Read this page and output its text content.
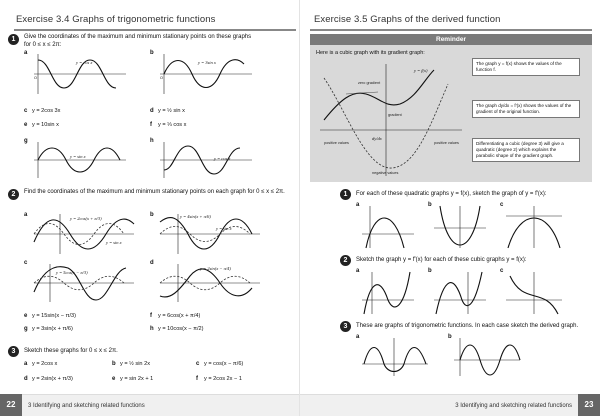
Exercise 3.4 Graphs of trigonometric functions
1	Give the coordinates of the maximum and minimum stationary points on these graphs for 0 ≤ x ≤ 2π:
a
y = cos x
O
b
y = 3sin x
O
c y = 2cos 3x	d y = ½ sin x
e y = 10sin x	f y = ⅓ cos x
g
y = sin x
h
y = cos x
2	Find the coordinates of the maximum and minimum stationary points on each graph for 0 ≤ x ≤ 2π.
a
y = 2cos(x + π/3)
y = sin x
b	y = 4sin(x + π/6)
y = sin x
c
y = 5cos(x − π/3)
d
y = 2sin(x − π/4)
e y = 15sin(x − π/3)	f y = 6cos(x + π/4)
g y = 3sin(x + π/6)	h y = 10cos(x − π/2)
3	Sketch these graphs for 0 ≤ x ≤ 2π.
a y = 2cos x	b y = ½ sin 2x	c y = cos(x − π/6)
d y = 2sin(x + π/3)	e y = sin 2x + 1	f y = 2cos 2x − 1
22	3 Identifying and sketching related functions
Exercise 3.5 Graphs of the derived function
Reminder
Here is a cubic graph with its gradient graph:
y = f(x)
zero gradient
gradient
positive values	positive values
negative values
dy/dx
The graph y = f(x) shows the values of the function f.
The graph dy/dx = f′(x) shows the values of the gradient of the original function.
Differentiating a cubic (degree 3) will give a quadratic (degree 2) which explains the parabolic shape of the gradient graph.
1	For each of these quadratic graphs y = f(x), sketch the graph of y = f′(x):
a	b	c
2	Sketch the graph y = f′(x) for each of these cubic graphs y = f(x):
a	b	c
3	These are graphs of trigonometric functions. In each case sketch the derived graph.
a	b
23
3 Identifying and sketching related functions
